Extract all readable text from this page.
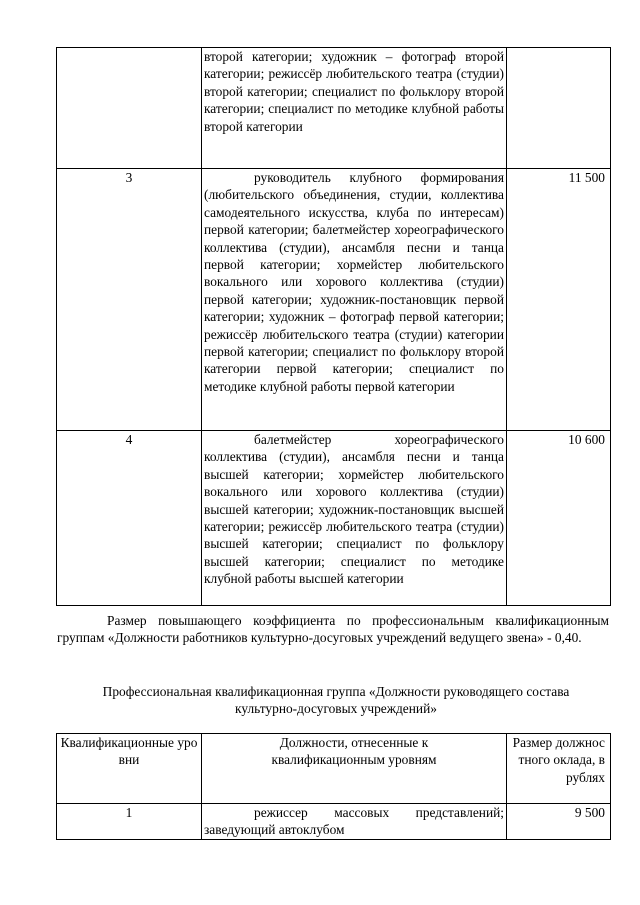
	второй категории; художник – фотограф второй категории; режиссёр любительского театра (студии) второй категории; специалист по фольклору второй категории; специалист по методике клубной работы второй категории	
3	руководитель клубного формирования (любительского объединения, студии, коллектива самодеятельного искусства, клуба по интересам) первой категории; балетмейстер хореографического коллектива (студии), ансамбля песни и танца первой категории; хормейстер любительского вокального или хорового коллектива (студии) первой категории; художник-постановщик первой категории; художник – фотограф первой категории; режиссёр любительского театра (студии) категории первой категории; специалист по фольклору второй категории первой категории; специалист по методике клубной работы первой категории	11 500
4	балетмейстер хореографического коллектива (студии), ансамбля песни и танца высшей категории; хормейстер любительского вокального или хорового коллектива (студии) высшей категории; художник-постановщик высшей категории; режиссёр любительского театра (студии) высшей категории; специалист по фольклору высшей категории; специалист по методике клубной работы высшей категории	10 600

Размер повышающего коэффициента по профессиональным квалификационным группам «Должности работников культурно-досуговых учреждений ведущего звена» - 0,40.

Профессиональная квалификационная группа «Должности руководящего состава культурно-досуговых учреждений»

Квалификационные уровни	Должности, отнесенные к квалификационным уровням	Размер должностного оклада, в рублях
1	режиссер массовых представлений; заведующий автоклубом	9 500
